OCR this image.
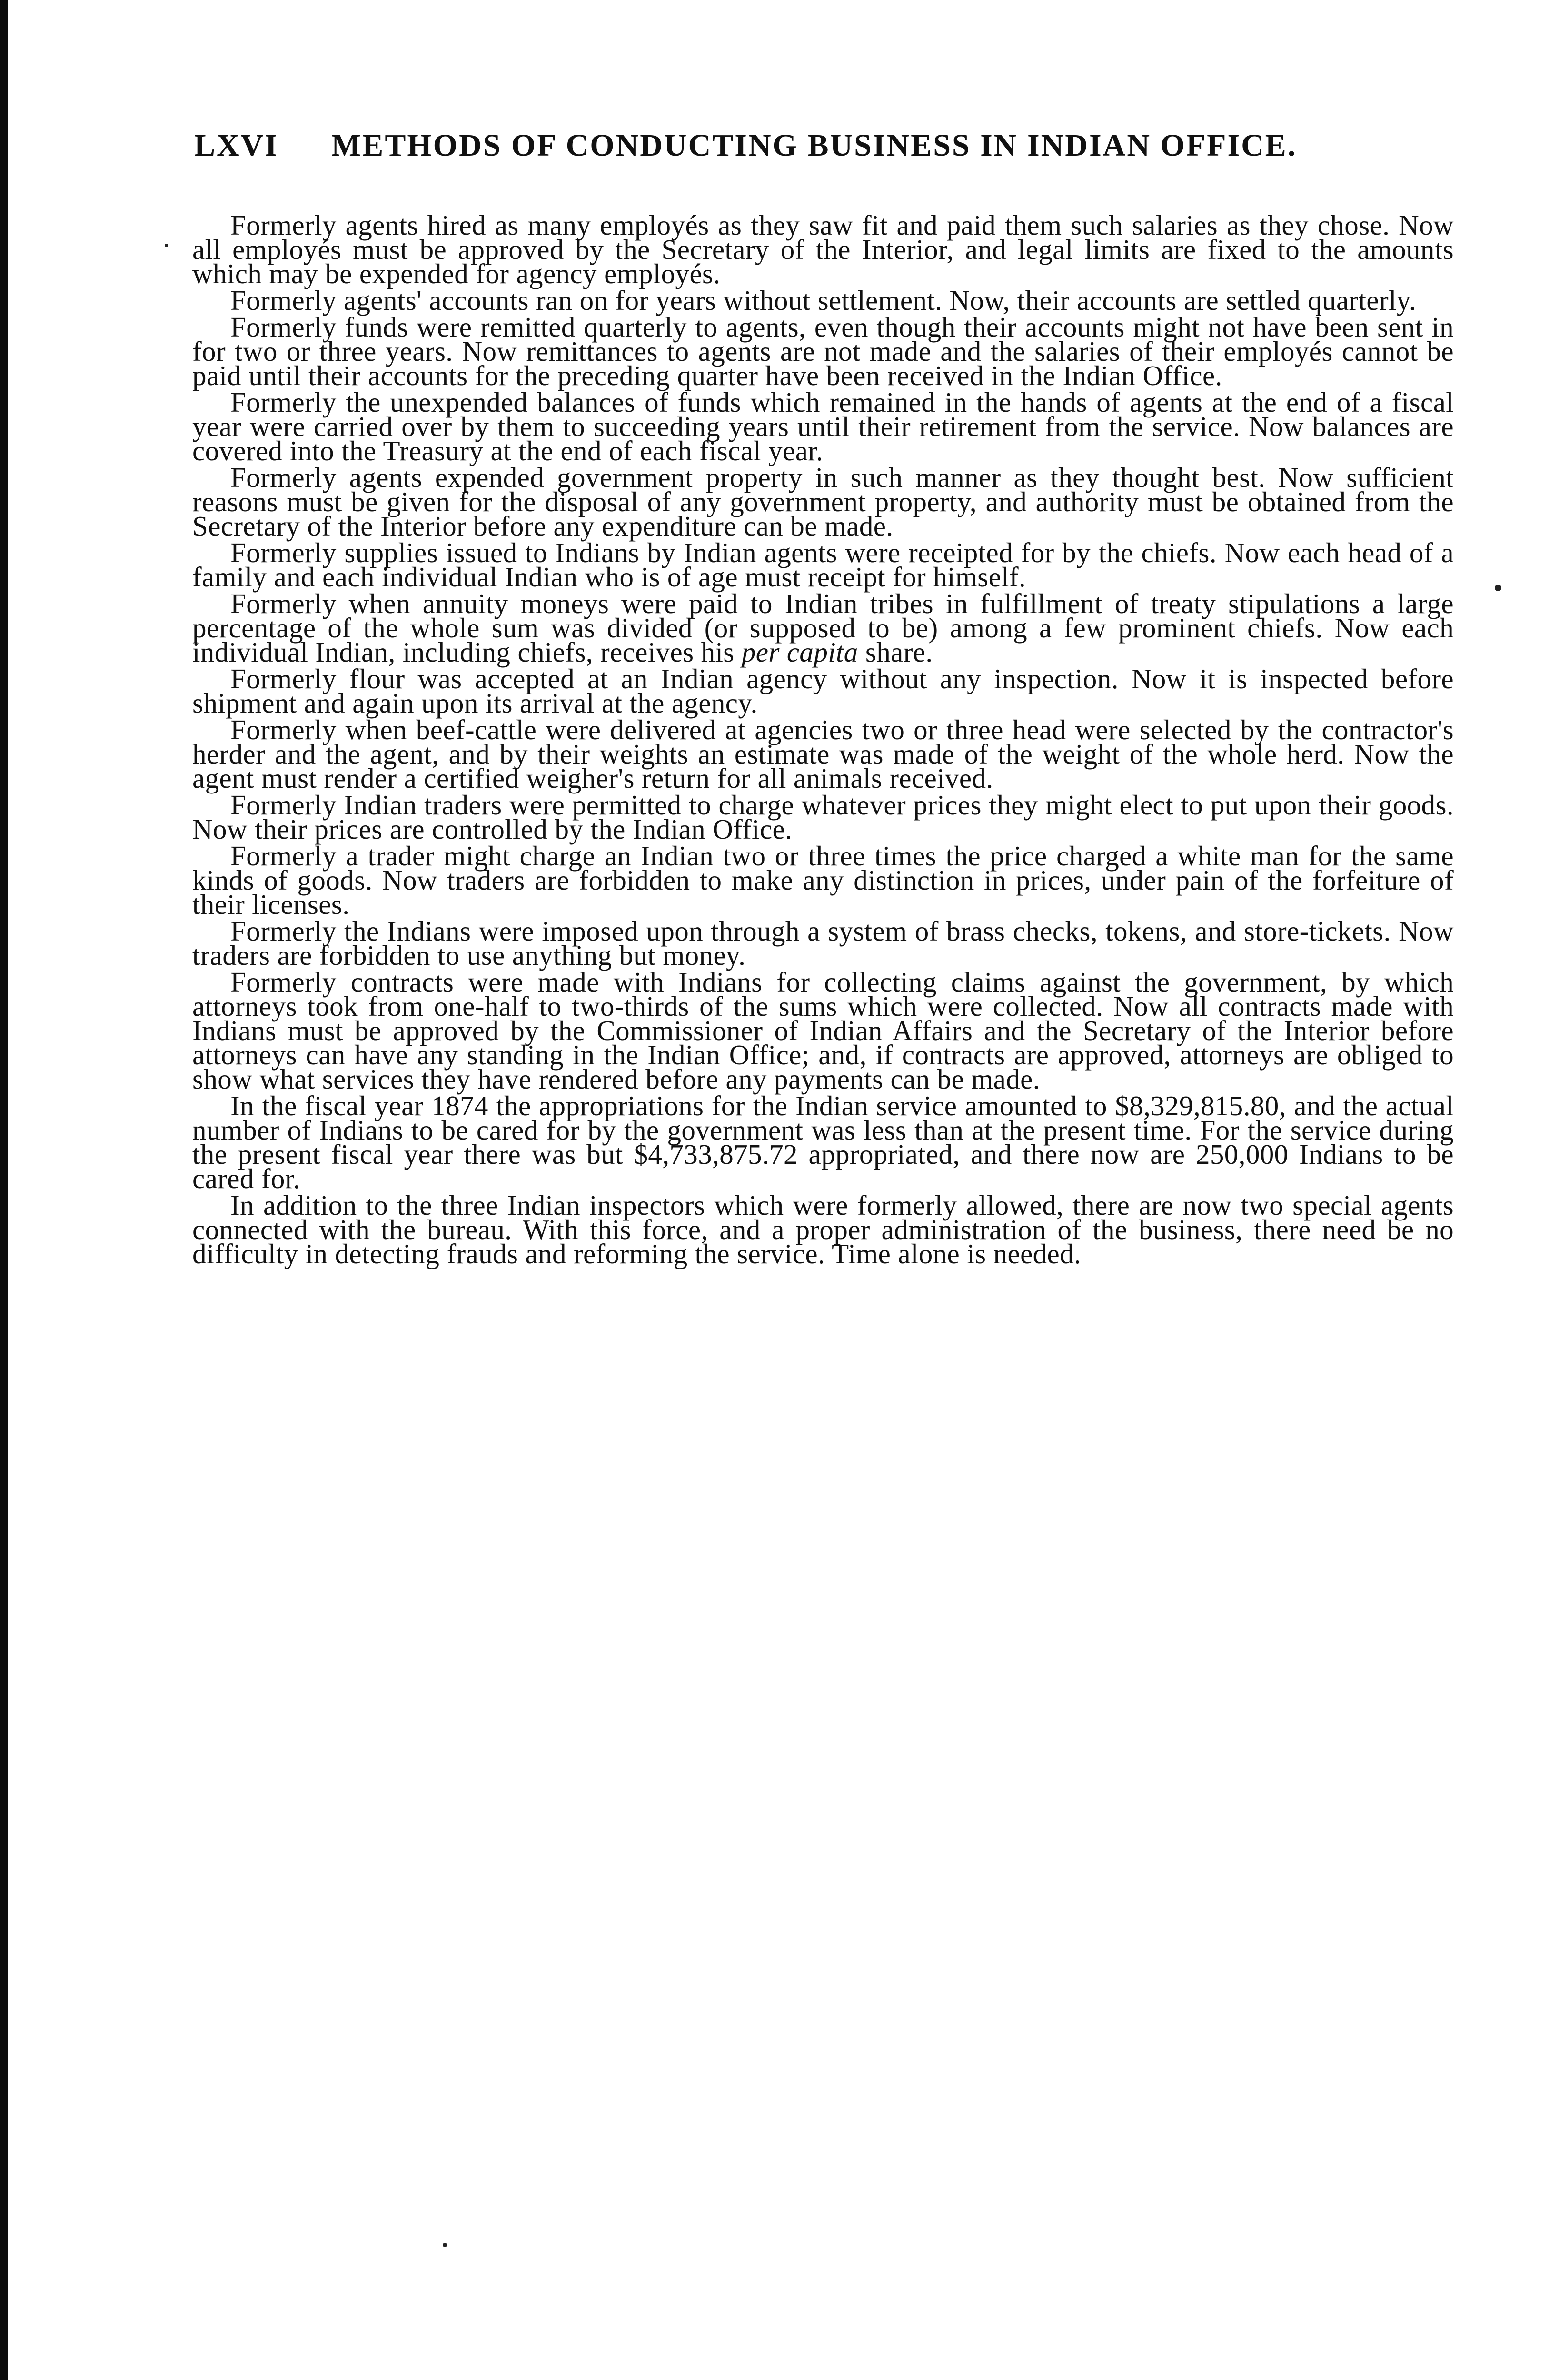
LXVI METHODS OF CONDUCTING BUSINESS IN INDIAN OFFICE.

Formerly agents hired as many employés as they saw fit and paid them such salaries as they chose. Now all employés must be approved by the Secretary of the Interior, and legal limits are fixed to the amounts which may be expended for agency employés.

Formerly agents' accounts ran on for years without settlement. Now, their accounts are settled quarterly.

Formerly funds were remitted quarterly to agents, even though their accounts might not have been sent in for two or three years. Now remittances to agents are not made and the salaries of their employés cannot be paid until their accounts for the preceding quarter have been received in the Indian Office.

Formerly the unexpended balances of funds which remained in the hands of agents at the end of a fiscal year were carried over by them to succeeding years until their retirement from the service. Now balances are covered into the Treasury at the end of each fiscal year.

Formerly agents expended government property in such manner as they thought best. Now sufficient reasons must be given for the disposal of any government property, and authority must be obtained from the Secretary of the Interior before any expenditure can be made.

Formerly supplies issued to Indians by Indian agents were receipted for by the chiefs. Now each head of a family and each individual Indian who is of age must receipt for himself.

Formerly when annuity moneys were paid to Indian tribes in fulfillment of treaty stipulations a large percentage of the whole sum was divided (or supposed to be) among a few prominent chiefs. Now each individual Indian, including chiefs, receives his per capita share.

Formerly flour was accepted at an Indian agency without any inspection. Now it is inspected before shipment and again upon its arrival at the agency.

Formerly when beef-cattle were delivered at agencies two or three head were selected by the contractor's herder and the agent, and by their weights an estimate was made of the weight of the whole herd. Now the agent must render a certified weigher's return for all animals received.

Formerly Indian traders were permitted to charge whatever prices they might elect to put upon their goods. Now their prices are controlled by the Indian Office.

Formerly a trader might charge an Indian two or three times the price charged a white man for the same kinds of goods. Now traders are forbidden to make any distinction in prices, under pain of the forfeiture of their licenses.

Formerly the Indians were imposed upon through a system of brass checks, tokens, and store-tickets. Now traders are forbidden to use anything but money.

Formerly contracts were made with Indians for collecting claims against the government, by which attorneys took from one-half to two-thirds of the sums which were collected. Now all contracts made with Indians must be approved by the Commissioner of Indian Affairs and the Secretary of the Interior before attorneys can have any standing in the Indian Office; and, if contracts are approved, attorneys are obliged to show what services they have rendered before any payments can be made.

In the fiscal year 1874 the appropriations for the Indian service amounted to $8,329,815.80, and the actual number of Indians to be cared for by the government was less than at the present time. For the service during the present fiscal year there was but $4,733,875.72 appropriated, and there now are 250,000 Indians to be cared for.

In addition to the three Indian inspectors which were formerly allowed, there are now two special agents connected with the bureau. With this force, and a proper administration of the business, there need be no difficulty in detecting frauds and reforming the service. Time alone is needed.
